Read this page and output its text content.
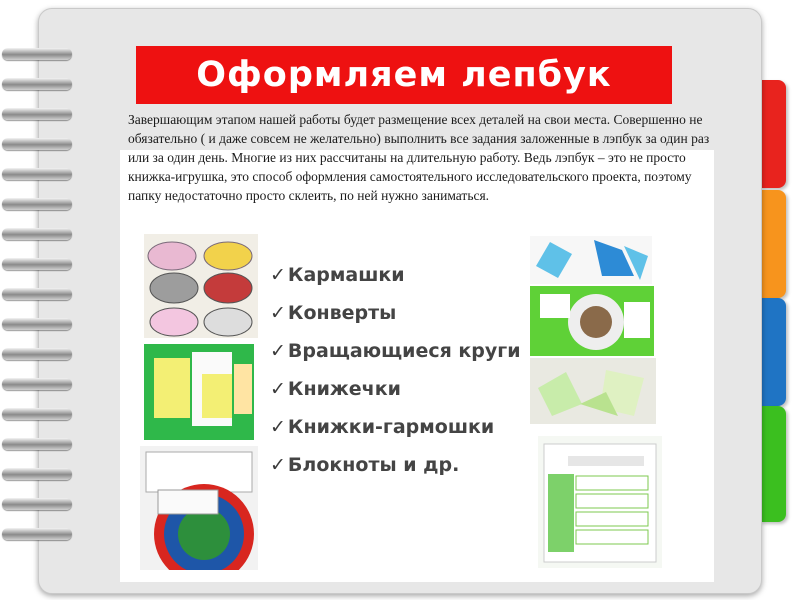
Оформляем лепбук

Завершающим этапом нашей работы будет размещение всех деталей на свои места. Совершенно не обязательно ( и даже совсем не желательно) выполнить все задания заложенные в лэпбук за один раз или за один день. Многие из них рассчитаны на длительную работу. Ведь лэпбук – это не просто книжка-игрушка, это способ оформления самостоятельного исследовательского проекта, поэтому папку недостаточно просто склеить, по ней нужно заниматься.

✓ Кармашки
✓ Конверты
✓ Вращающиеся круги
✓ Книжечки
✓ Книжки-гармошки
✓ Блокноты и др.
